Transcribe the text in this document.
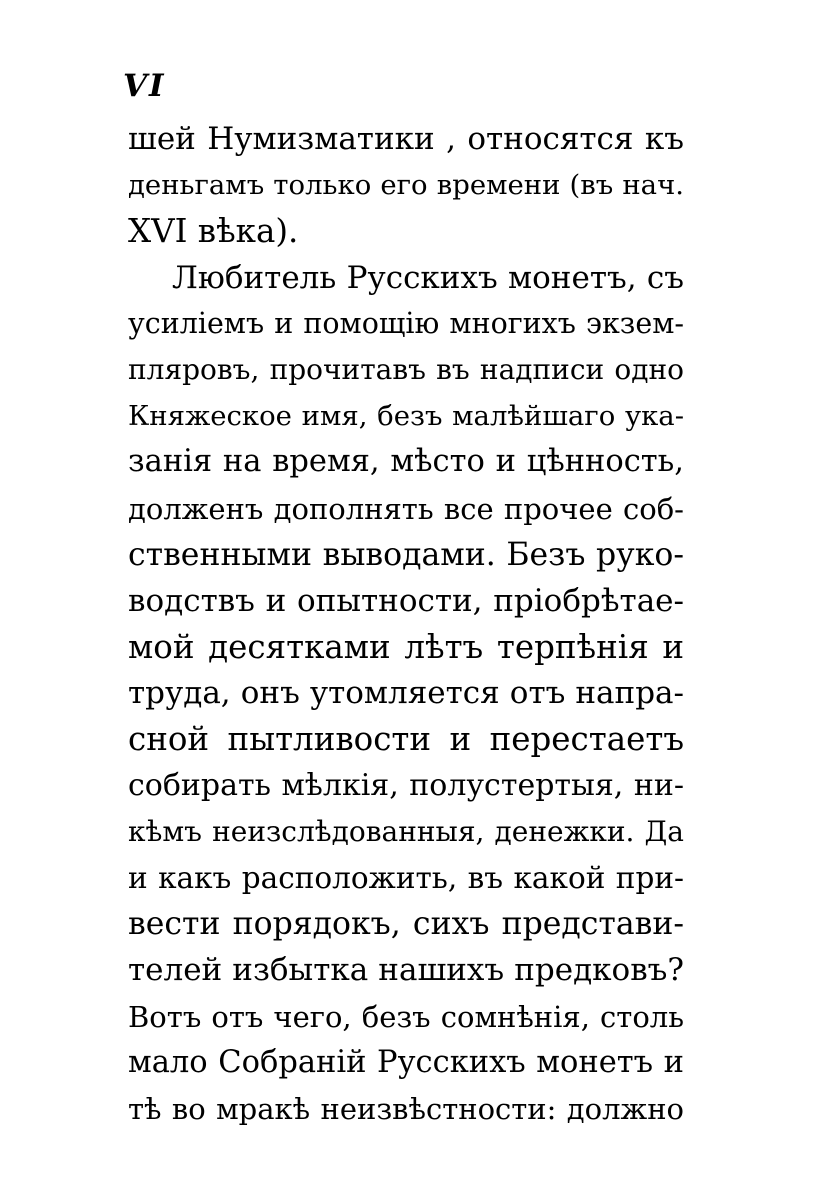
VI
шей Нумизматики , относятся къ
деньгамъ только его времени (въ нач.
XVI вѣка).
Любитель Русскихъ монетъ, съ
усиліемъ и помощію многихъ экзем-
пляровъ, прочитавъ въ надписи одно
Княжеское имя, безъ малѣйшаго ука-
занія на время, мѣсто и цѣнность,
долженъ дополнять все прочее соб-
ственными выводами. Безъ руко-
водствъ и опытности, пріобрѣтае-
мой десятками лѣтъ терпѣнія и
труда, онъ утомляется отъ напра-
сной пытливости и перестаетъ
собирать мѣлкія, полустертыя, ни-
кѣмъ неизслѣдованныя, денежки. Да
и какъ расположить, въ какой при-
вести порядокъ, сихъ представи-
телей избытка нашихъ предковъ?
Вотъ отъ чего, безъ сомнѣнія, столь
мало Собраній Русскихъ монетъ и
тѣ во мракѣ неизвѣстности: должно
